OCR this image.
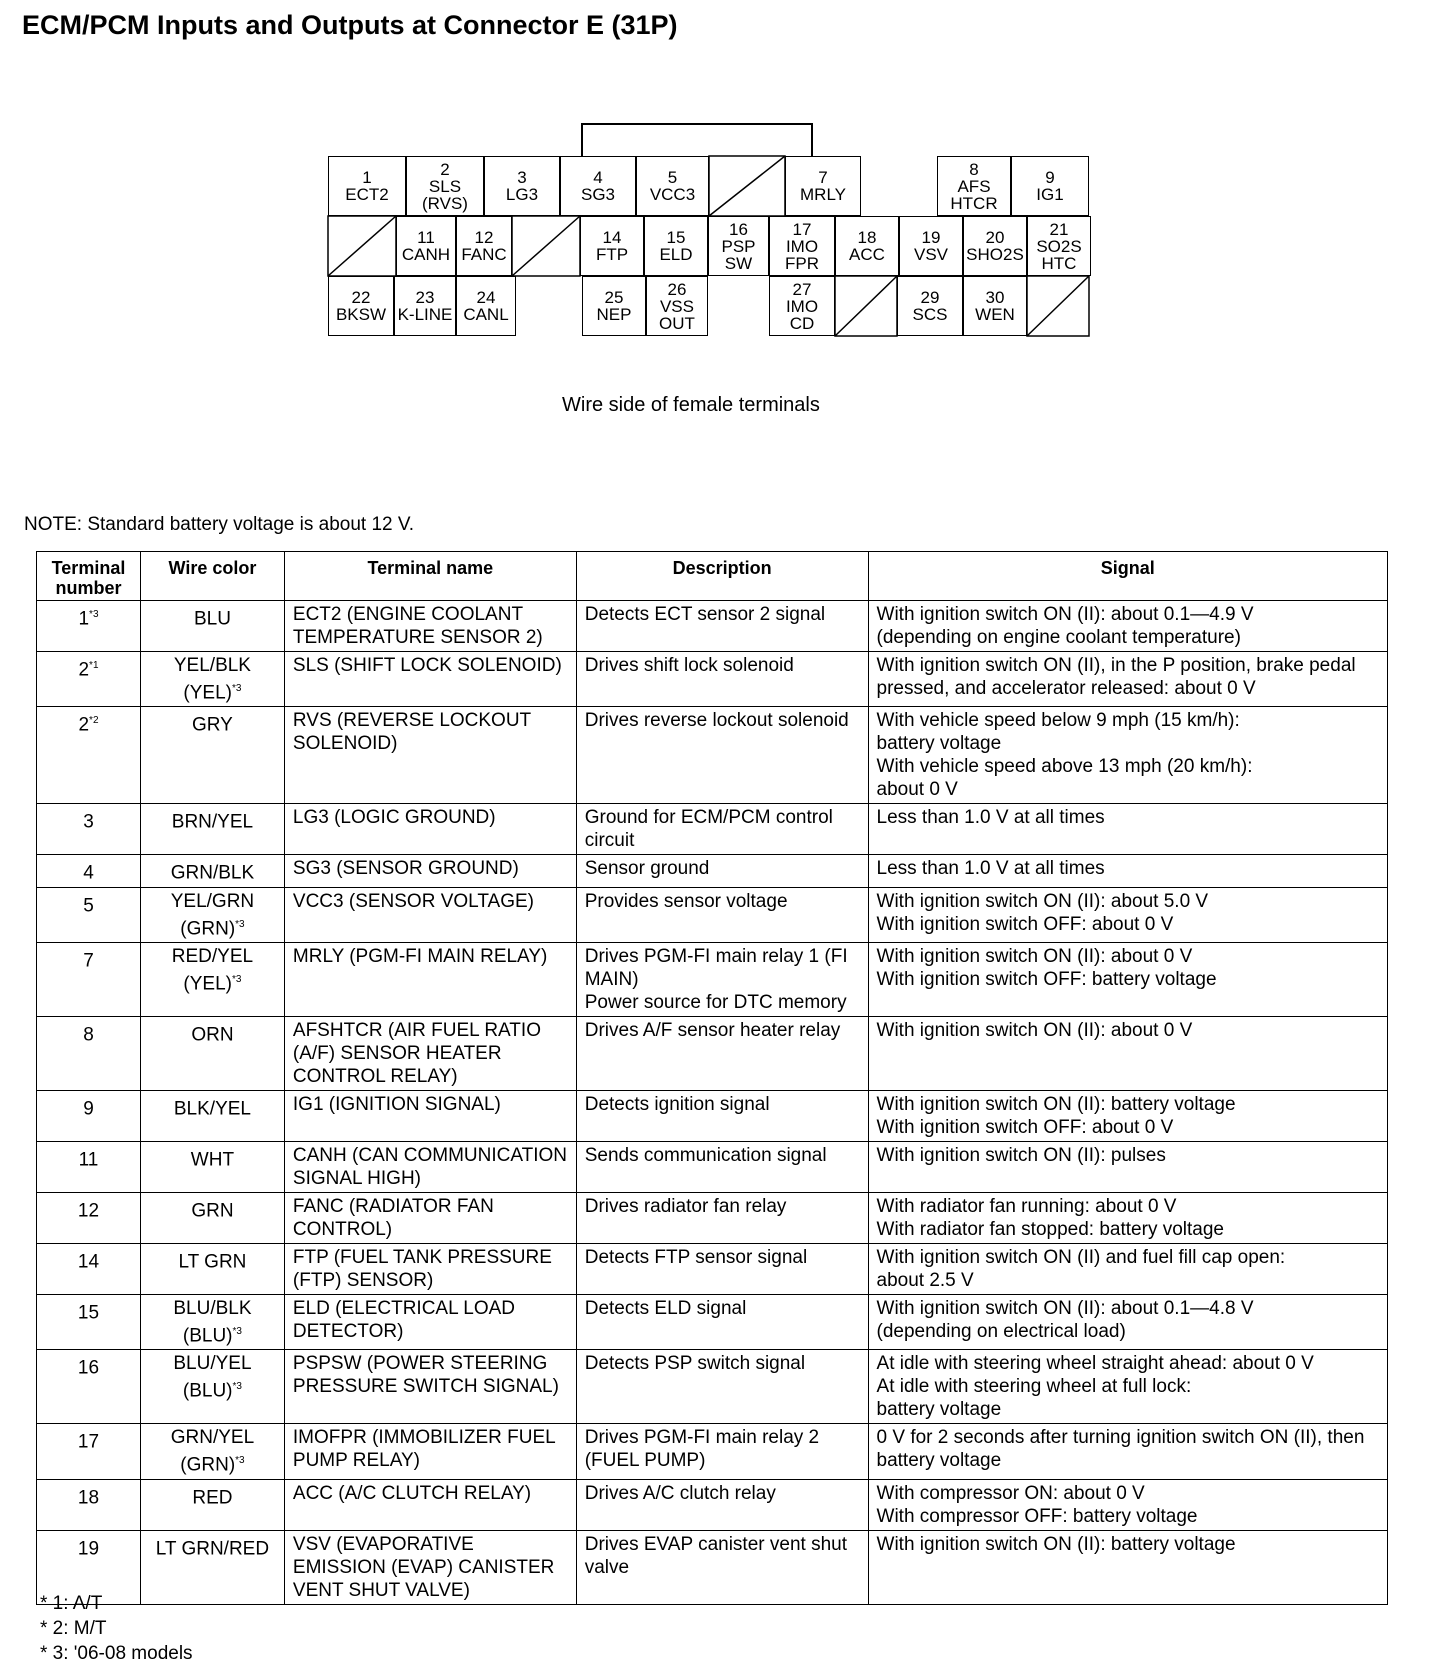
ECM/PCM Inputs and Outputs at Connector E (31P)
1
ECT2
2
SLS
(RVS)
3
LG3
4
SG3
5
VCC3
7
MRLY
8
AFS
HTCR
9
IG1
11
CANH
12
FANC
14
FTP
15
ELD
16
PSP
SW
17
IMO
FPR
18
ACC
19
VSV
20
SHO2S
21
SO2S
HTC
22
BKSW
23
K-LINE
24
CANL
25
NEP
26
VSS
OUT
27
IMO
CD
29
SCS
30
WEN
Wire side of female terminals
NOTE: Standard battery voltage is about 12 V.
Terminal number	Wire color	Terminal name	Description	Signal
1$^{*3}$	BLU	ECT2 (ENGINE COOLANT TEMPERATURE SENSOR 2)	Detects ECT sensor 2 signal	With ignition switch ON (II): about 0.1—4.9 V
(depending on engine coolant temperature)
2$^{*1}$	YEL/BLK
(YEL)$^{*3}$	SLS (SHIFT LOCK SOLENOID)	Drives shift lock solenoid	With ignition switch ON (II), in the P position, brake pedal pressed, and accelerator released: about 0 V
2$^{*2}$	GRY	RVS (REVERSE LOCKOUT SOLENOID)	Drives reverse lockout solenoid	With vehicle speed below 9 mph (15 km/h):
battery voltage
With vehicle speed above 13 mph (20 km/h):
about 0 V
3	BRN/YEL	LG3 (LOGIC GROUND)	Ground for ECM/PCM control circuit	Less than 1.0 V at all times
4	GRN/BLK	SG3 (SENSOR GROUND)	Sensor ground	Less than 1.0 V at all times
5	YEL/GRN
(GRN)$^{*3}$	VCC3 (SENSOR VOLTAGE)	Provides sensor voltage	With ignition switch ON (II): about 5.0 V
With ignition switch OFF: about 0 V
7	RED/YEL
(YEL)$^{*3}$	MRLY (PGM-FI MAIN RELAY)	Drives PGM-FI main relay 1 (FI MAIN)
Power source for DTC memory	With ignition switch ON (II): about 0 V
With ignition switch OFF: battery voltage
8	ORN	AFSHTCR (AIR FUEL RATIO (A/F) SENSOR HEATER CONTROL RELAY)	Drives A/F sensor heater relay	With ignition switch ON (II): about 0 V
9	BLK/YEL	IG1 (IGNITION SIGNAL)	Detects ignition signal	With ignition switch ON (II): battery voltage
With ignition switch OFF: about 0 V
11	WHT	CANH (CAN COMMUNICATION SIGNAL HIGH)	Sends communication signal	With ignition switch ON (II): pulses
12	GRN	FANC (RADIATOR FAN CONTROL)	Drives radiator fan relay	With radiator fan running: about 0 V
With radiator fan stopped: battery voltage
14	LT GRN	FTP (FUEL TANK PRESSURE (FTP) SENSOR)	Detects FTP sensor signal	With ignition switch ON (II) and fuel fill cap open:
about 2.5 V
15	BLU/BLK
(BLU)$^{*3}$	ELD (ELECTRICAL LOAD DETECTOR)	Detects ELD signal	With ignition switch ON (II): about 0.1—4.8 V
(depending on electrical load)
16	BLU/YEL
(BLU)$^{*3}$	PSPSW (POWER STEERING PRESSURE SWITCH SIGNAL)	Detects PSP switch signal	At idle with steering wheel straight ahead: about 0 V
At idle with steering wheel at full lock:
battery voltage
17	GRN/YEL
(GRN)$^{*3}$	IMOFPR (IMMOBILIZER FUEL PUMP RELAY)	Drives PGM-FI main relay 2 (FUEL PUMP)	0 V for 2 seconds after turning ignition switch ON (II), then battery voltage
18	RED	ACC (A/C CLUTCH RELAY)	Drives A/C clutch relay	With compressor ON: about 0 V
With compressor OFF: battery voltage
19	LT GRN/RED	VSV (EVAPORATIVE EMISSION (EVAP) CANISTER VENT SHUT VALVE)	Drives EVAP canister vent shut valve	With ignition switch ON (II): battery voltage
* 1: A/T
* 2: M/T
* 3: '06-08 models
